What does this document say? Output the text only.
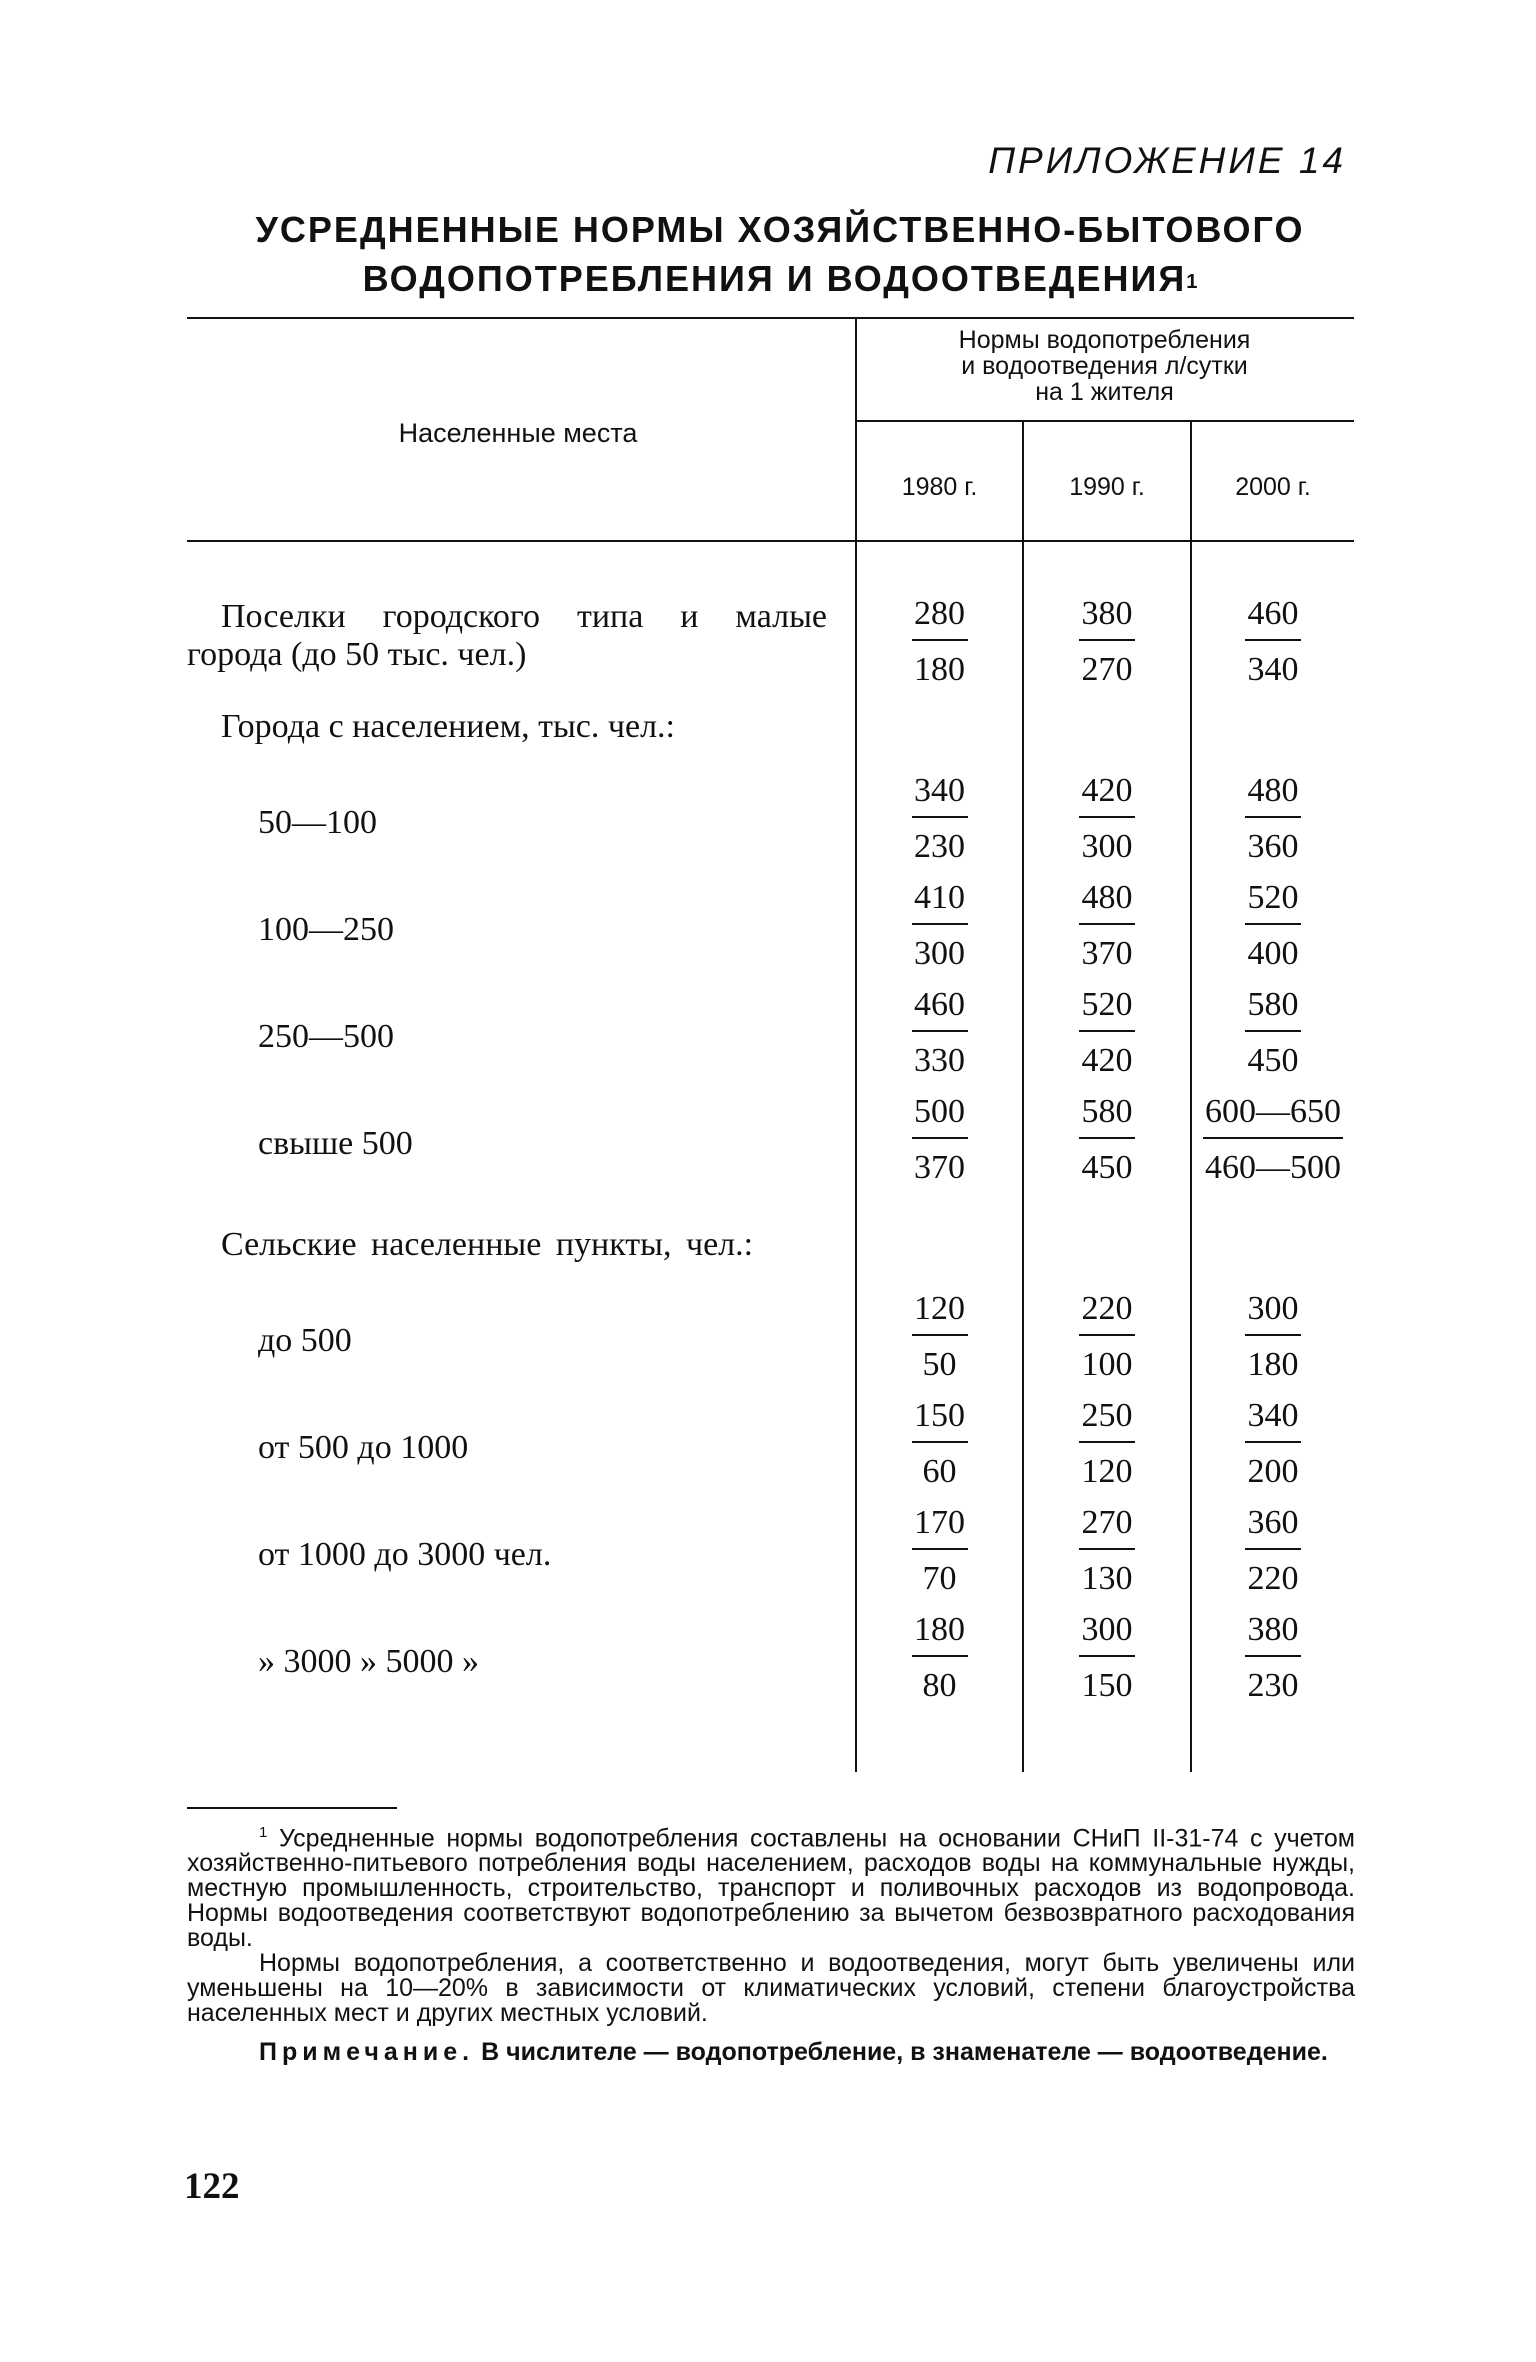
ПРИЛОЖЕНИЕ 14
УСРЕДНЕННЫЕ НОРМЫ ХОЗЯЙСТВЕННО-БЫТОВОГО
ВОДОПОТРЕБЛЕНИЯ И ВОДООТВЕДЕНИЯ$^1$
Населенные места
Нормы водопотребления
и водоотведения л/сутки
на 1 жителя
1980 г.	1990 г.	2000 г.
Поселки городского типа и малые
города (до 50 тыс. чел.)
Города с населением, тыс. чел.:
50—100
100—250
250—500
свыше 500
Сельские населенные пункты, чел.:
до 500
от 500 до 1000
от 1000 до 3000 чел.
» 3000 » 5000 »
280
180
380
270
460
340
340
230
420
300
480
360
410
300
480
370
520
400
460
330
520
420
580
450
500
370
580
450
600—650
460—500
120
50
220
100
300
180
150
60
250
120
340
200
170
70
270
130
360
220
180
80
300
150
380
230

$^1$ Усредненные нормы водопотребления составлены на основании СНиП II-31-74 с учетом хозяйственно-питьевого потребления воды населением, расходов воды на коммунальные нужды, местную промышленность, строительство, транспорт и поливочных расходов из водопровода. Нормы водоотведения соответствуют водопотреблению за вычетом безвозвратного расходования воды.

Нормы водопотребления, а соответственно и водоотведения, могут быть увеличены или уменьшены на 10—20% в зависимости от климатических условий, степени благоустройства населенных мест и других местных условий.

Примечание. В числителе — водопотребление, в знаменателе — водоотведение.

122
